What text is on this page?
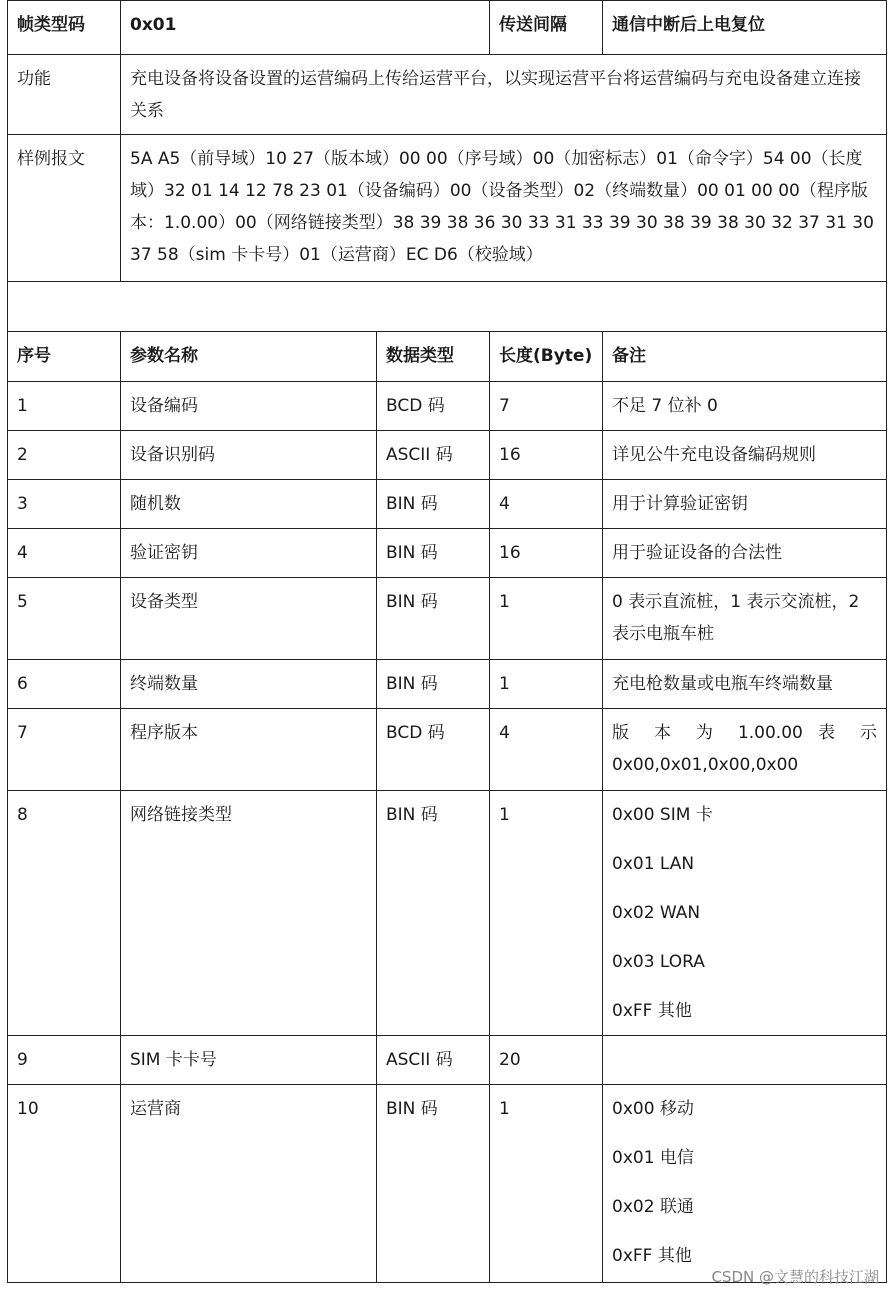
帧类型码	0x01	传送间隔	通信中断后上电复位
功能	充电设备将设备设置的运营编码上传给运营平台，以实现运营平台将运营编码与充电设备建立连接关系		
样例报文	5A A5（前导域）10 27（版本域）00 00（序号域）00（加密标志）01（命令字）54 00（长度域）32 01 14 12 78 23 01（设备编码）00（设备类型）02（终端数量）00 01 00 00（程序版本：1.0.00）00（网络链接类型）38 39 38 36 30 33 31 33 39 30 38 39 38 30 32 37 31 30 37 58（sim 卡卡号）01（运营商）EC D6（校验域）		

序号	参数名称	数据类型	长度(Byte)	备注
1	设备编码	BCD 码	7	不足 7 位补 0

2	设备识别码	ASCII 码	16	详见公牛充电设备编码规则

3	随机数	BIN 码	4	用于计算验证密钥

4	验证密钥	BIN 码	16	用于验证设备的合法性

5	设备类型	BIN 码	1	0 表示直流桩，1 表示交流桩，2 表示电瓶车桩

6	终端数量	BIN 码	1	充电枪数量或电瓶车终端数量

7	程序版本	BCD 码	4	版 本 为 1.00.00 表 示
0x00,0x01,0x00,0x00

8	网络链接类型	BIN 码	1	0x00 SIM 卡
0x01 LAN
0x02 WAN
0x03 LORA
0xFF 其他

9	SIM 卡卡号	ASCII 码	20	

10	运营商	BIN 码	1	0x00 移动
0x01 电信
0x02 联通
0xFF 其他
CSDN @文慧的科技江湖
